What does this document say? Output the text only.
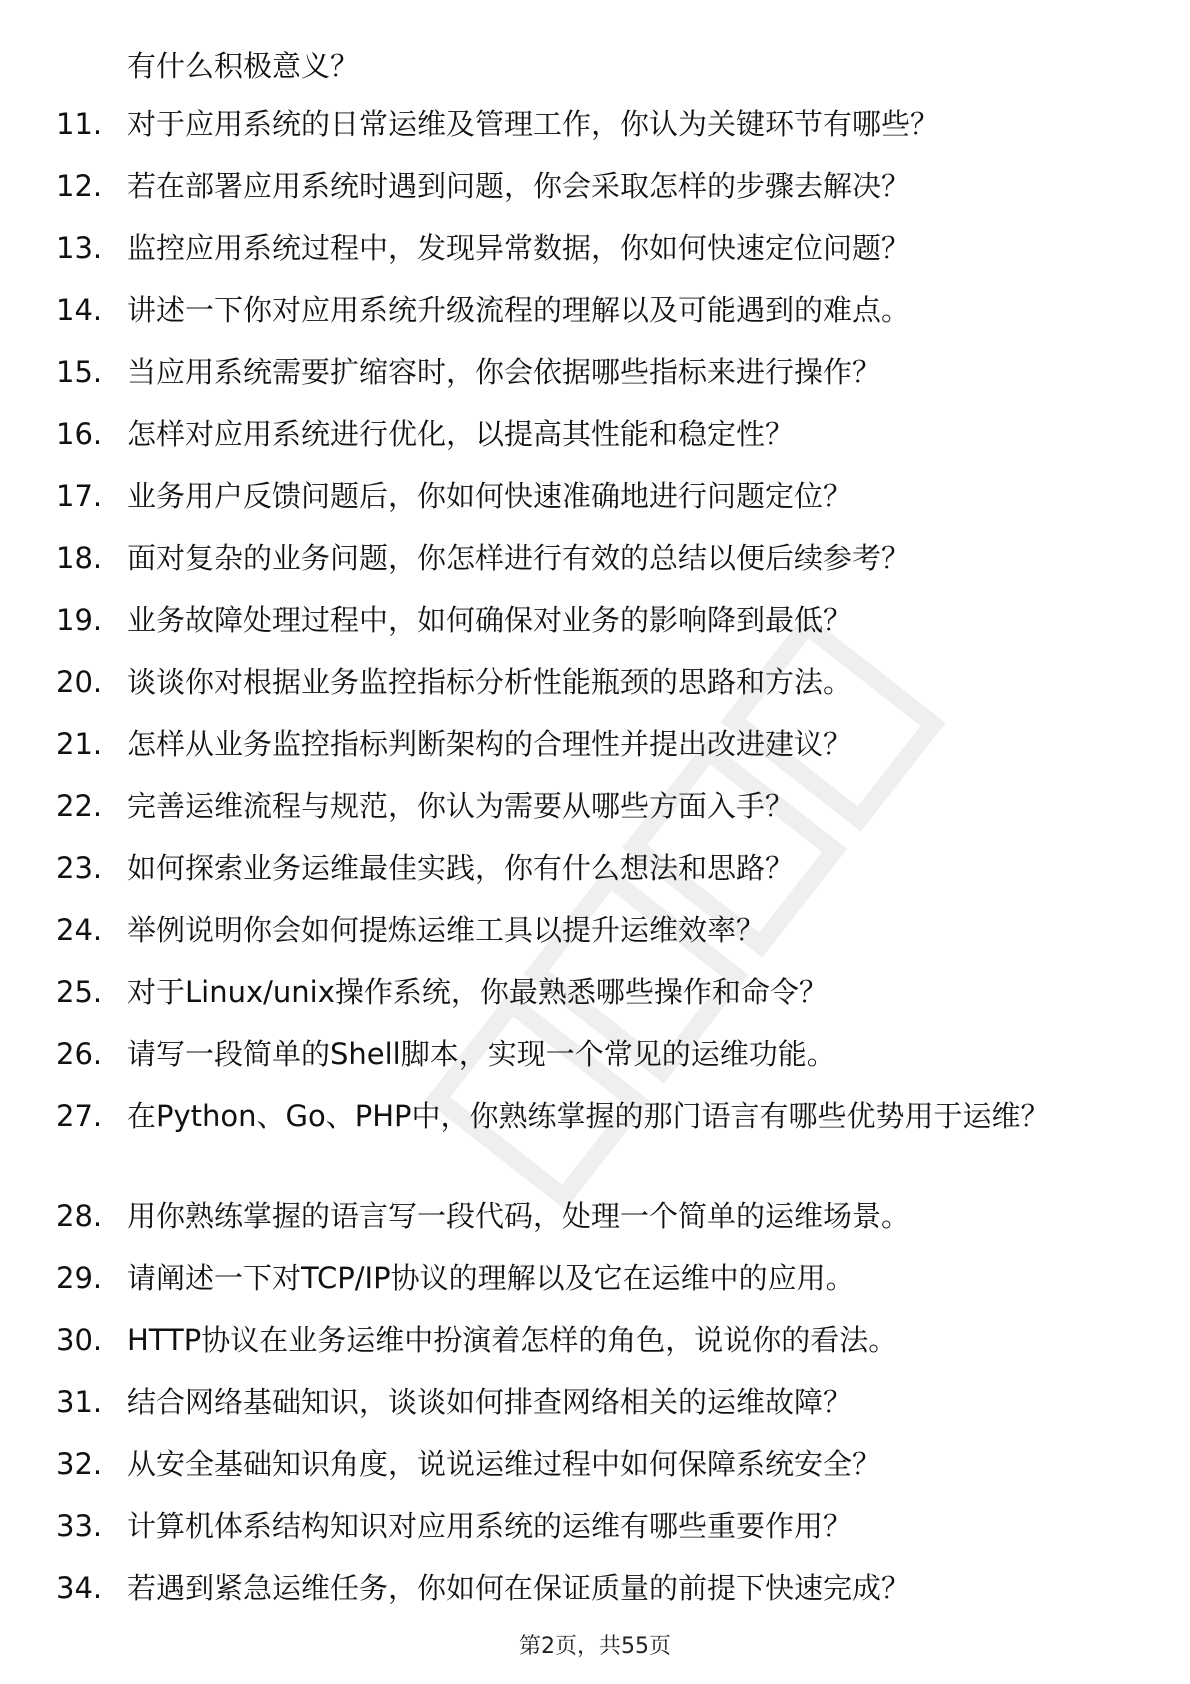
有什么积极意义？
11. 对于应用系统的日常运维及管理工作，你认为关键环节有哪些？
12. 若在部署应用系统时遇到问题，你会采取怎样的步骤去解决？
13. 监控应用系统过程中，发现异常数据，你如何快速定位问题？
14. 讲述一下你对应用系统升级流程的理解以及可能遇到的难点。
15. 当应用系统需要扩缩容时，你会依据哪些指标来进行操作？
16. 怎样对应用系统进行优化，以提高其性能和稳定性？
17. 业务用户反馈问题后，你如何快速准确地进行问题定位？
18. 面对复杂的业务问题，你怎样进行有效的总结以便后续参考？
19. 业务故障处理过程中，如何确保对业务的影响降到最低？
20. 谈谈你对根据业务监控指标分析性能瓶颈的思路和方法。
21. 怎样从业务监控指标判断架构的合理性并提出改进建议？
22. 完善运维流程与规范，你认为需要从哪些方面入手？
23. 如何探索业务运维最佳实践，你有什么想法和思路？
24. 举例说明你会如何提炼运维工具以提升运维效率？
25. 对于Linux/unix操作系统，你最熟悉哪些操作和命令？
26. 请写一段简单的Shell脚本，实现一个常见的运维功能。
27. 在Python、Go、PHP中，你熟练掌握的那门语言有哪些优势用于运维？
28. 用你熟练掌握的语言写一段代码，处理一个简单的运维场景。
29. 请阐述一下对TCP/IP协议的理解以及它在运维中的应用。
30. HTTP协议在业务运维中扮演着怎样的角色，说说你的看法。
31. 结合网络基础知识，谈谈如何排查网络相关的运维故障？
32. 从安全基础知识角度，说说运维过程中如何保障系统安全？
33. 计算机体系结构知识对应用系统的运维有哪些重要作用？
34. 若遇到紧急运维任务，你如何在保证质量的前提下快速完成？
第2页，共55页
